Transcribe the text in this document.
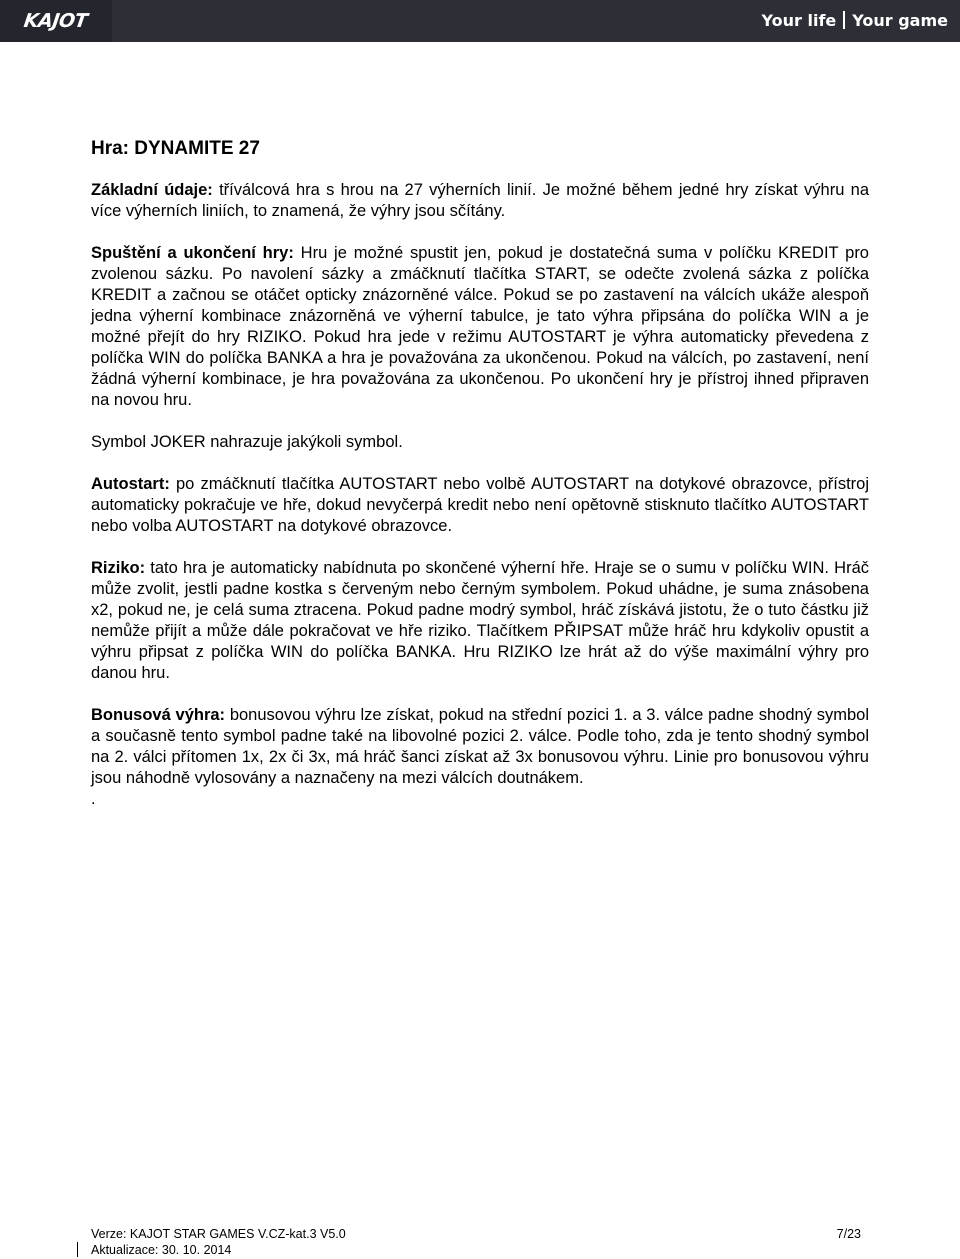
KAJOT	Your life Your game
Hra: DYNAMITE 27

Základní údaje: tříválcová hra s hrou na 27 výherních linií. Je možné během jedné hry získat výhru na více výherních liniích, to znamená, že výhry jsou sčítány.

Spuštění a ukončení hry: Hru je možné spustit jen, pokud je dostatečná suma v políčku KREDIT pro zvolenou sázku. Po navolení sázky a zmáčknutí tlačítka START, se odečte zvolená sázka z políčka KREDIT a začnou se otáčet opticky znázorněné válce. Pokud se po zastavení na válcích ukáže alespoň jedna výherní kombinace znázorněná ve výherní tabulce, je tato výhra připsána do políčka WIN a je možné přejít do hry RIZIKO. Pokud hra jede v režimu AUTOSTART je výhra automaticky převedena z políčka WIN do políčka BANKA a hra je považována za ukončenou. Pokud na válcích, po zastavení, není žádná výherní kombinace, je hra považována za ukončenou. Po ukončení hry je přístroj ihned připraven na novou hru.

Symbol JOKER nahrazuje jakýkoli symbol.

Autostart: po zmáčknutí tlačítka AUTOSTART nebo volbě AUTOSTART na dotykové obrazovce, přístroj automaticky pokračuje ve hře, dokud nevyčerpá kredit nebo není opětovně stisknuto tlačítko AUTOSTART nebo volba AUTOSTART na dotykové obrazovce.

Riziko: tato hra je automaticky nabídnuta po skončené výherní hře. Hraje se o sumu v políčku WIN. Hráč může zvolit, jestli padne kostka s červeným nebo černým symbolem. Pokud uhádne, je suma znásobena x2, pokud ne, je celá suma ztracena. Pokud padne modrý symbol, hráč získává jistotu, že o tuto částku již nemůže přijít a může dále pokračovat ve hře riziko. Tlačítkem PŘIPSAT může hráč hru kdykoliv opustit a výhru připsat z políčka WIN do políčka BANKA. Hru RIZIKO lze hrát až do výše maximální výhry pro danou hru.

Bonusová výhra: bonusovou výhru lze získat, pokud na střední pozici 1. a 3. válce padne shodný symbol a současně tento symbol padne také na libovolné pozici 2. válce. Podle toho, zda je tento shodný symbol na 2. válci přítomen 1x, 2x či 3x, má hráč šanci získat až 3x bonusovou výhru. Linie pro bonusovou výhru jsou náhodně vylosovány a naznačeny na mezi válcích doutnákem.

.

Verze: KAJOT STAR GAMES V.CZ-kat.3 V5.0	7/23
Aktualizace: 30. 10. 2014
